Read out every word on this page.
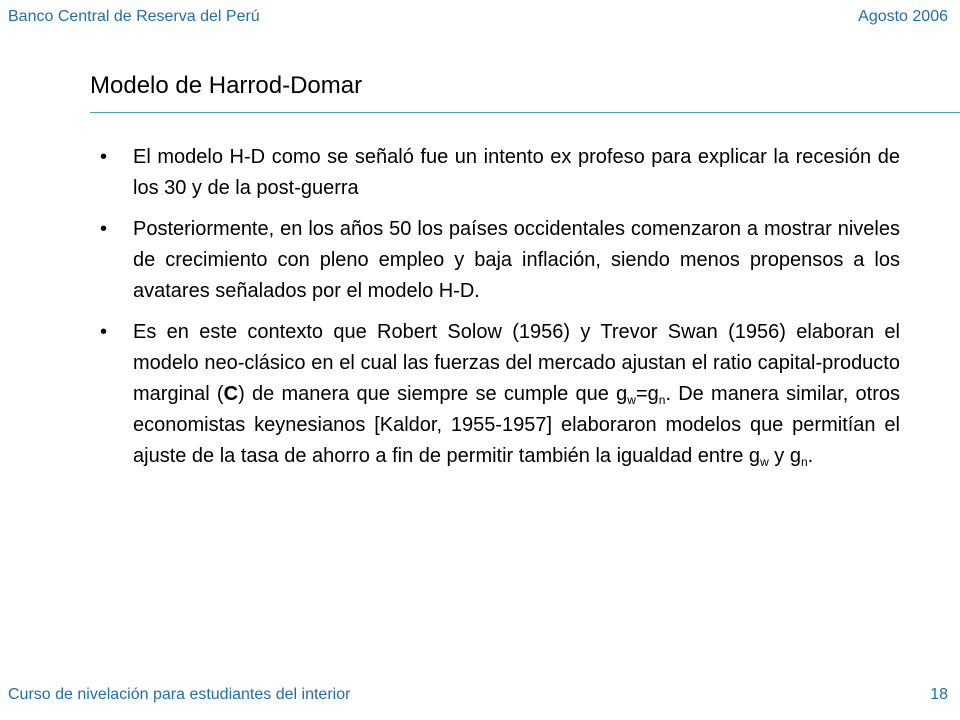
Banco Central de Reserva del Perú	Agosto 2006
Modelo de Harrod-Domar
• El modelo H-D como se señaló fue un intento ex profeso para explicar la recesión de los 30 y de la post-guerra
• Posteriormente, en los años 50 los países occidentales comenzaron a mostrar niveles de crecimiento con pleno empleo y baja inflación, siendo menos propensos a los avatares señalados por el modelo H-D.
• Es en este contexto que Robert Solow (1956) y Trevor Swan (1956) elaboran el modelo neo-clásico en el cual las fuerzas del mercado ajustan el ratio capital-producto marginal (C) de manera que siempre se cumple que $g_w=g_n$. De manera similar, otros economistas keynesianos [Kaldor, 1955-1957] elaboraron modelos que permitían el ajuste de la tasa de ahorro a fin de permitir también la igualdad entre $g_w$ y $g_n$.
Curso de nivelación para estudiantes del interior	18
